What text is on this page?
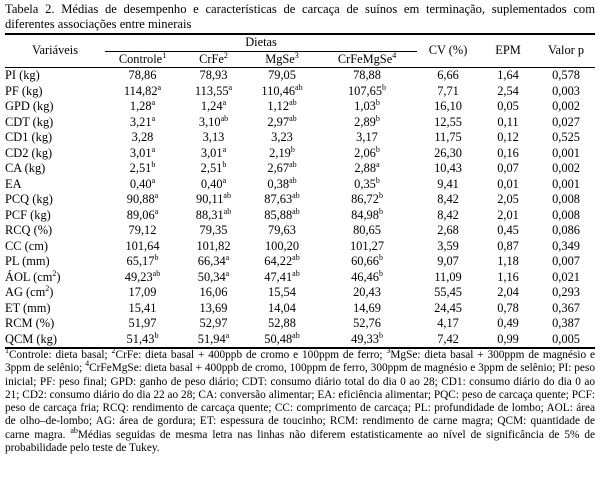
Tabela 2. Médias de desempenho e características de carcaça de suínos em terminação, suplementados com diferentes associações entre minerais

Variáveis	Dietas				CV (%)	EPM	Valor p
	Controle$^1$	CrFe$^2$	MgSe$^3$	CrFeMgSe$^4$
PI (kg)	78,86	78,93	79,05	78,88	6,66	1,64	0,578
PF (kg)	114,82$^a$	113,55$^a$	110,46$^{ab}$	107,65$^b$	7,71	2,54	0,003
GPD (kg)	1,28$^a$	1,24$^a$	1,12$^{ab}$	1,03$^b$	16,10	0,05	0,002
CDT (kg)	3,21$^a$	3,10$^{ab}$	2,97$^{ab}$	2,89$^b$	12,55	0,11	0,027
CD1 (kg)	3,28	3,13	3,23	3,17	11,75	0,12	0,525
CD2 (kg)	3,01$^a$	3,01$^a$	2,19$^b$	2,06$^b$	26,30	0,16	0,001
CA (kg)	2,51$^b$	2,51$^b$	2,67$^{ab}$	2,88$^a$	10,43	0,07	0,002
EA	0,40$^a$	0,40$^a$	0,38$^{ab}$	0,35$^b$	9,41	0,01	0,001
PCQ (kg)	90,88$^a$	90,11$^{ab}$	87,63$^{ab}$	86,72$^b$	8,42	2,05	0,008
PCF (kg)	89,06$^a$	88,31$^{ab}$	85,88$^{ab}$	84,98$^b$	8,42	2,01	0,008
RCQ (%)	79,12	79,35	79,63	80,65	2,68	0,45	0,086
CC (cm)	101,64	101,82	100,20	101,27	3,59	0,87	0,349
PL (mm)	65,17$^b$	66,34$^a$	64,22$^{ab}$	60,66$^b$	9,07	1,18	0,007
ÁOL $(cm^2)$	49,23$^{ab}$	50,34$^a$	47,41$^{ab}$	46,46$^b$	11,09	1,16	0,021
AG $(cm^2)$	17,09	16,06	15,54	20,43	55,45	2,04	0,293
ET (mm)	15,41	13,69	14,04	14,69	24,45	0,78	0,367
RCM (%)	51,97	52,97	52,88	52,76	4,17	0,49	0,387
QCM (kg)	51,43$^b$	51,94$^a$	50,48$^{ab}$	49,33$^b$	7,42	0,99	0,005

$^1$Controle: dieta basal; $^2$CrFe: dieta basal + 400ppb de cromo e 100ppm de ferro; $^3$MgSe: dieta basal + 300ppm de magnésio e 3ppm de selênio; $^4$CrFeMgSe: dieta basal + 400ppb de cromo, 100ppm de ferro, 300ppm de magnésio e 3ppm de selênio; PI: peso inicial; PF: peso final; GPD: ganho de peso diário; CDT: consumo diário total do dia 0 ao 28; CD1: consumo diário do dia 0 ao 21; CD2: consumo diário do dia 22 ao 28; CA: conversão alimentar; EA: eficiência alimentar; PQC: peso de carcaça quente; PCF: peso de carcaça fria; RCQ: rendimento de carcaça quente; CC: comprimento de carcaça; PL: profundidade de lombo; AOL: área de olho–de-lombo; AG: área de gordura; ET: espessura de toucinho; RCM: rendimento de carne magra; QCM: quantidade de carne magra. $^{ab}$Médias seguidas de mesma letra nas linhas não diferem estatisticamente ao nível de significância de 5% de probabilidade pelo teste de Tukey.
